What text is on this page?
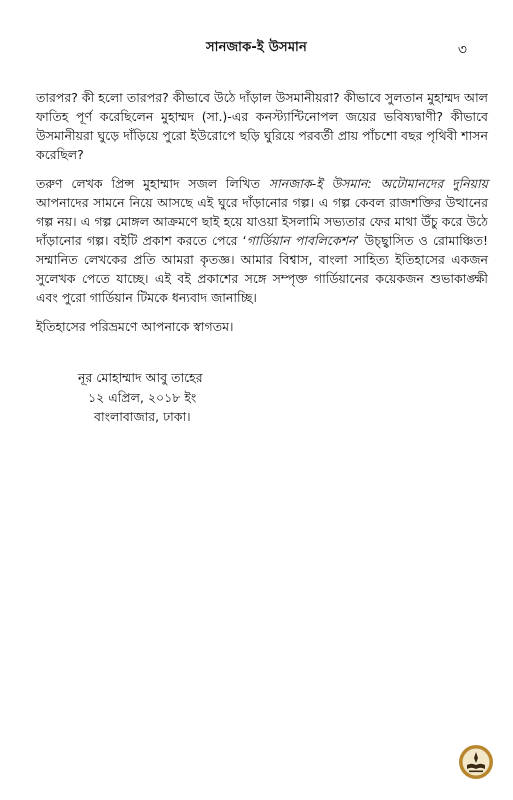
সানজাক-ই উসমান	৩

তারপর? কী হলো তারপর? কীভাবে উঠে দাঁড়াল উসমানীয়রা? কীভাবে সুলতান মুহাম্মদ আল ফাতিহ পূর্ণ করেছিলেন মুহাম্মদ (সা.)-এর কনস্ট্যান্টিনোপল জয়ের ভবিষ্যদ্বাণী? কীভাবে উসমানীয়রা ঘুড়ে দাঁড়িয়ে পুরো ইউরোপে ছড়ি ঘুরিয়ে পরবর্তী প্রায় পাঁচশো বছর পৃথিবী শাসন করেছিল?

তরুণ লেখক প্রিন্স মুহাম্মাদ সজল লিখিত সানজাক-ই উসমান: অটোমানদের দুনিয়ায় আপনাদের সামনে নিয়ে আসছে এই ঘুরে দাঁড়ানোর গল্প। এ গল্প কেবল রাজশক্তির উত্থানের গল্প নয়। এ গল্প মোঙ্গল আক্রমণে ছাই হয়ে যাওয়া ইসলামি সভ্যতার ফের মাথা উঁচু করে উঠে দাঁড়ানোর গল্প। বইটি প্রকাশ করতে পেরে ‘গার্ডিয়ান পাবলিকেশন’ উচ্ছ্বাসিত ও রোমাঞ্চিত! সম্মানিত লেখকের প্রতি আমরা কৃতজ্ঞ। আমার বিশ্বাস, বাংলা সাহিত্য ইতিহাসের একজন সুলেখক পেতে যাচ্ছে। এই বই প্রকাশের সঙ্গে সম্পৃক্ত গার্ডিয়ানের কয়েকজন শুভাকাঙ্ক্ষী এবং পুরো গার্ডিয়ান টিমকে ধন্যবাদ জানাচ্ছি।

ইতিহাসের পরিভ্রমণে আপনাকে স্বাগতম।

নূর মোহাম্মাদ আবু তাহের
১২ এপ্রিল, ২০১৮ ইং
বাংলাবাজার, ঢাকা।
